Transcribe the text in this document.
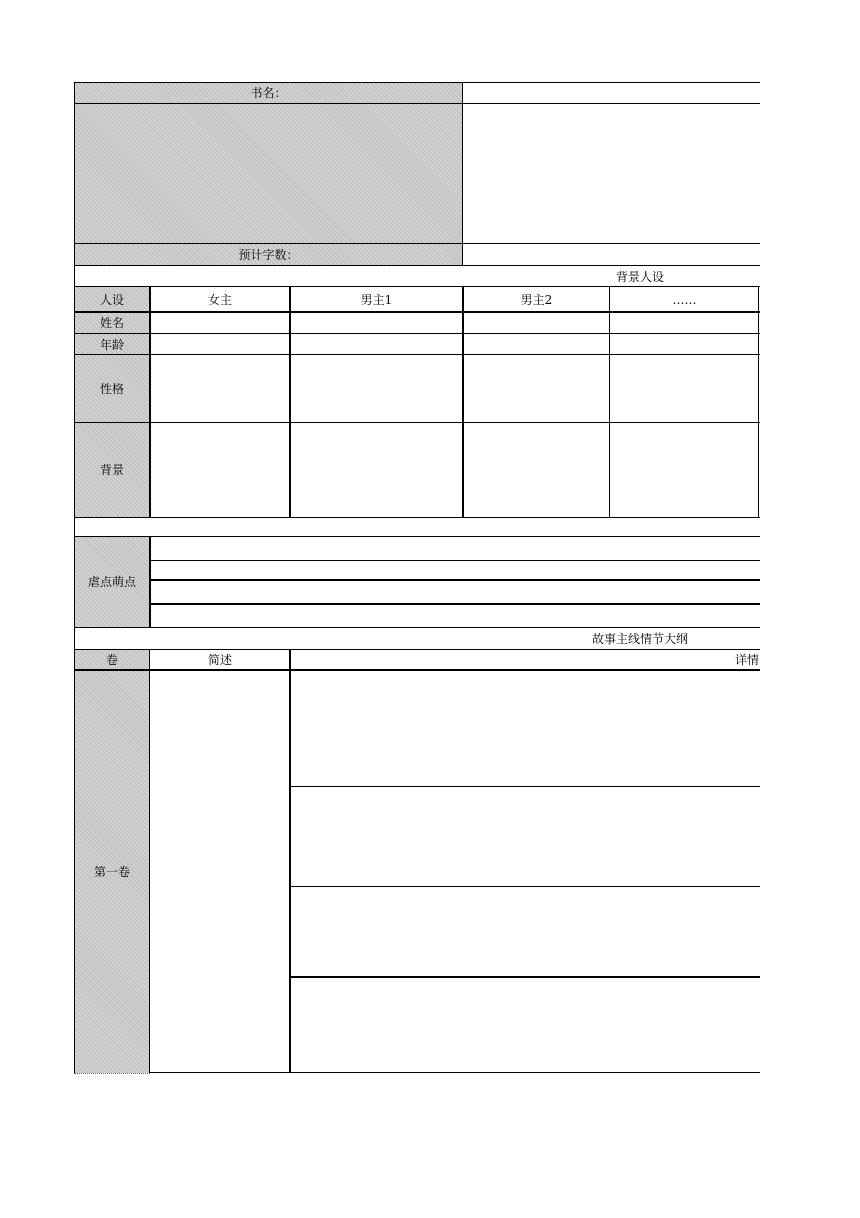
书名：
预计字数：
背景人设
人设	女主	男主1	男主2	……
姓名
年龄
性格
背景
虐点萌点
故事主线情节大纲
卷	简述	详情
第一卷
